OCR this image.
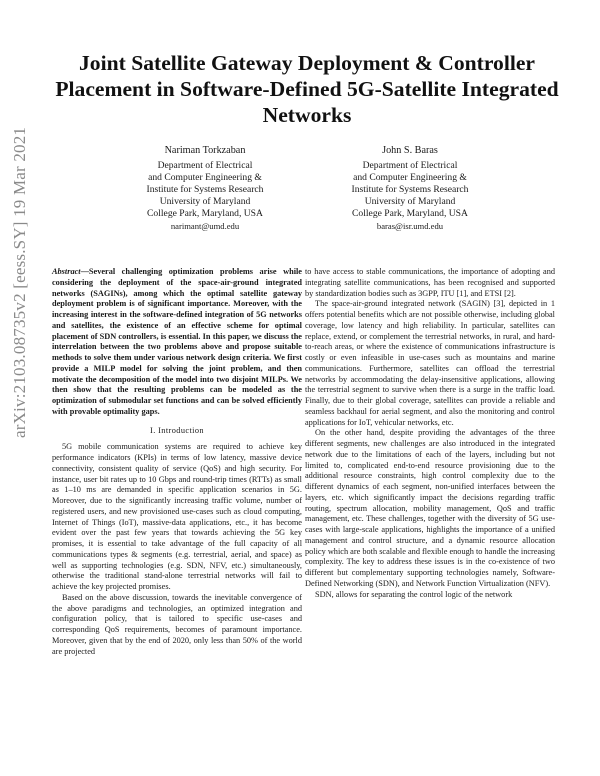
arXiv:2103.08735v2 [eess.SY] 19 Mar 2021
Joint Satellite Gateway Deployment & Controller Placement in Software-Defined 5G-Satellite Integrated Networks
Nariman Torkzaban
Department of Electrical
and Computer Engineering &
Institute for Systems Research
University of Maryland
College Park, Maryland, USA
narimant@umd.edu
John S. Baras
Department of Electrical
and Computer Engineering &
Institute for Systems Research
University of Maryland
College Park, Maryland, USA
baras@isr.umd.edu

Abstract—Several challenging optimization problems arise while considering the deployment of the space-air-ground integrated networks (SAGINs), among which the optimal satellite gateway deployment problem is of significant importance. Moreover, with the increasing interest in the software-defined integration of 5G networks and satellites, the existence of an effective scheme for optimal placement of SDN controllers, is essential. In this paper, we discuss the interrelation between the two problems above and propose suitable methods to solve them under various network design criteria. We first provide a MILP model for solving the joint problem, and then motivate the decomposition of the model into two disjoint MILPs. We then show that the resulting problems can be modeled as the optimization of submodular set functions and can be solved efficiently with provable optimality gaps.

I. Introduction

5G mobile communication systems are required to achieve key performance indicators (KPIs) in terms of low latency, massive device connectivity, consistent quality of service (QoS) and high security. For instance, user bit rates up to 10 Gbps and round-trip times (RTTs) as small as 1–10 ms are demanded in specific application scenarios in 5G. Moreover, due to the significantly increasing traffic volume, number of registered users, and new provisioned use-cases such as cloud computing, Internet of Things (IoT), massive-data applications, etc., it has become evident over the past few years that towards achieving the 5G key promises, it is essential to take advantage of the full capacity of all communications types & segments (e.g. terrestrial, aerial, and space) as well as supporting technologies (e.g. SDN, NFV, etc.) simultaneously, otherwise the traditional stand-alone terrestrial networks will fail to achieve the key projected promises.

Based on the above discussion, towards the inevitable convergence of the above paradigms and technologies, an optimized integration and configuration policy, that is tailored to specific use-cases and corresponding QoS requirements, becomes of paramount importance. Moreover, given that by the end of 2020, only less than 50% of the world are projected

to have access to stable communications, the importance of adopting and integrating satellite communications, has been recognised and supported by standardization bodies such as 3GPP, ITU [1], and ETSI [2].

The space-air-ground integrated network (SAGIN) [3], depicted in 1 offers potential benefits which are not possible otherwise, including global coverage, low latency and high reliability. In particular, satellites can replace, extend, or complement the terrestrial networks, in rural, and hard-to-reach areas, or where the existence of communications infrastructure is costly or even infeasible in use-cases such as mountains and marine communications. Furthermore, satellites can offload the terrestrial networks by accommodating the delay-insensitive applications, allowing the terrestrial segment to survive when there is a surge in the traffic load. Finally, due to their global coverage, satellites can provide a reliable and seamless backhaul for aerial segment, and also the monitoring and control applications for IoT, vehicular networks, etc.

On the other hand, despite providing the advantages of the three different segments, new challenges are also introduced in the integrated network due to the limitations of each of the layers, including but not limited to, complicated end-to-end resource provisioning due to the additional resource constraints, high control complexity due to the different dynamics of each segment, non-unified interfaces between the layers, etc. which significantly impact the decisions regarding traffic routing, spectrum allocation, mobility management, QoS and traffic management, etc. These challenges, together with the diversity of 5G use-cases with large-scale applications, highlights the importance of a unified management and control structure, and a dynamic resource allocation policy which are both scalable and flexible enough to handle the increasing complexity. The key to address these issues is in the co-existence of two different but complementary supporting technologies namely, Software-Defined Networking (SDN), and Network Function Virtualization (NFV).

SDN, allows for separating the control logic of the network
